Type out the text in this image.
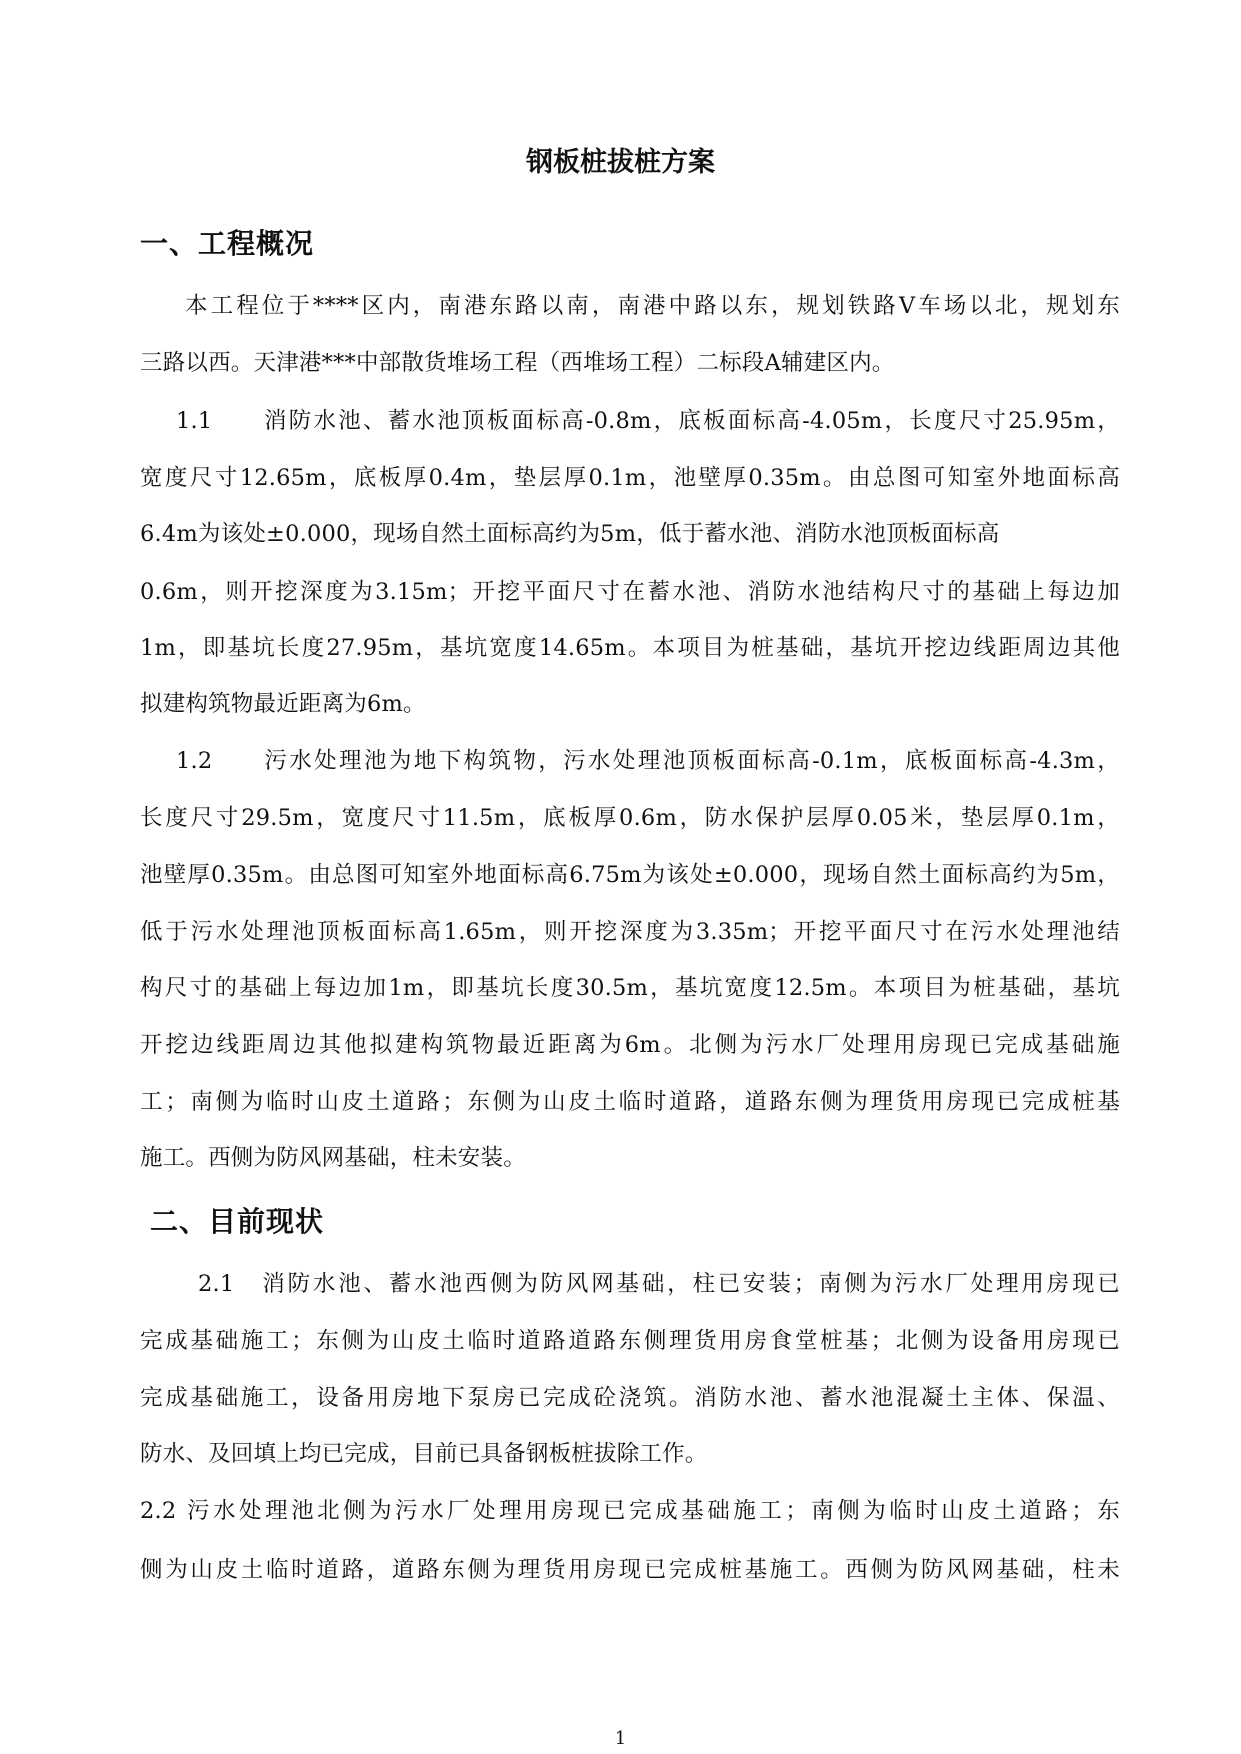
钢板桩拔桩方案
一、工程概况
本工程位于****区内，南港东路以南，南港中路以东，规划铁路Ⅴ车场以北，规划东
三路以西。天津港***中部散货堆场工程（西堆场工程）二标段A辅建区内。
1.1　　消防水池、蓄水池顶板面标高-0.8m，底板面标高-4.05m，长度尺寸25.95m，
宽度尺寸12.65m，底板厚0.4m，垫层厚0.1m，池壁厚0.35m。由总图可知室外地面标高
6.4m为该处±0.000，现场自然土面标高约为5m，低于蓄水池、消防水池顶板面标高
0.6m，则开挖深度为3.15m；开挖平面尺寸在蓄水池、消防水池结构尺寸的基础上每边加
1m，即基坑长度27.95m，基坑宽度14.65m。本项目为桩基础，基坑开挖边线距周边其他
拟建构筑物最近距离为6m。
1.2　　污水处理池为地下构筑物，污水处理池顶板面标高-0.1m，底板面标高-4.3m，
长度尺寸29.5m，宽度尺寸11.5m，底板厚0.6m，防水保护层厚0.05米，垫层厚0.1m，
池壁厚0.35m。由总图可知室外地面标高6.75m为该处±0.000，现场自然土面标高约为5m，
低于污水处理池顶板面标高1.65m，则开挖深度为3.35m；开挖平面尺寸在污水处理池结
构尺寸的基础上每边加1m，即基坑长度30.5m，基坑宽度12.5m。本项目为桩基础，基坑
开挖边线距周边其他拟建构筑物最近距离为6m。北侧为污水厂处理用房现已完成基础施
工；南侧为临时山皮土道路；东侧为山皮土临时道路，道路东侧为理货用房现已完成桩基
施工。西侧为防风网基础，柱未安装。
二、目前现状
2.1　消防水池、蓄水池西侧为防风网基础，柱已安装；南侧为污水厂处理用房现已
完成基础施工；东侧为山皮土临时道路道路东侧理货用房食堂桩基；北侧为设备用房现已
完成基础施工，设备用房地下泵房已完成砼浇筑。消防水池、蓄水池混凝土主体、保温、
防水、及回填上均已完成，目前已具备钢板桩拔除工作。
2.2 污水处理池北侧为污水厂处理用房现已完成基础施工；南侧为临时山皮土道路；东
侧为山皮土临时道路，道路东侧为理货用房现已完成桩基施工。西侧为防风网基础，柱未
1
